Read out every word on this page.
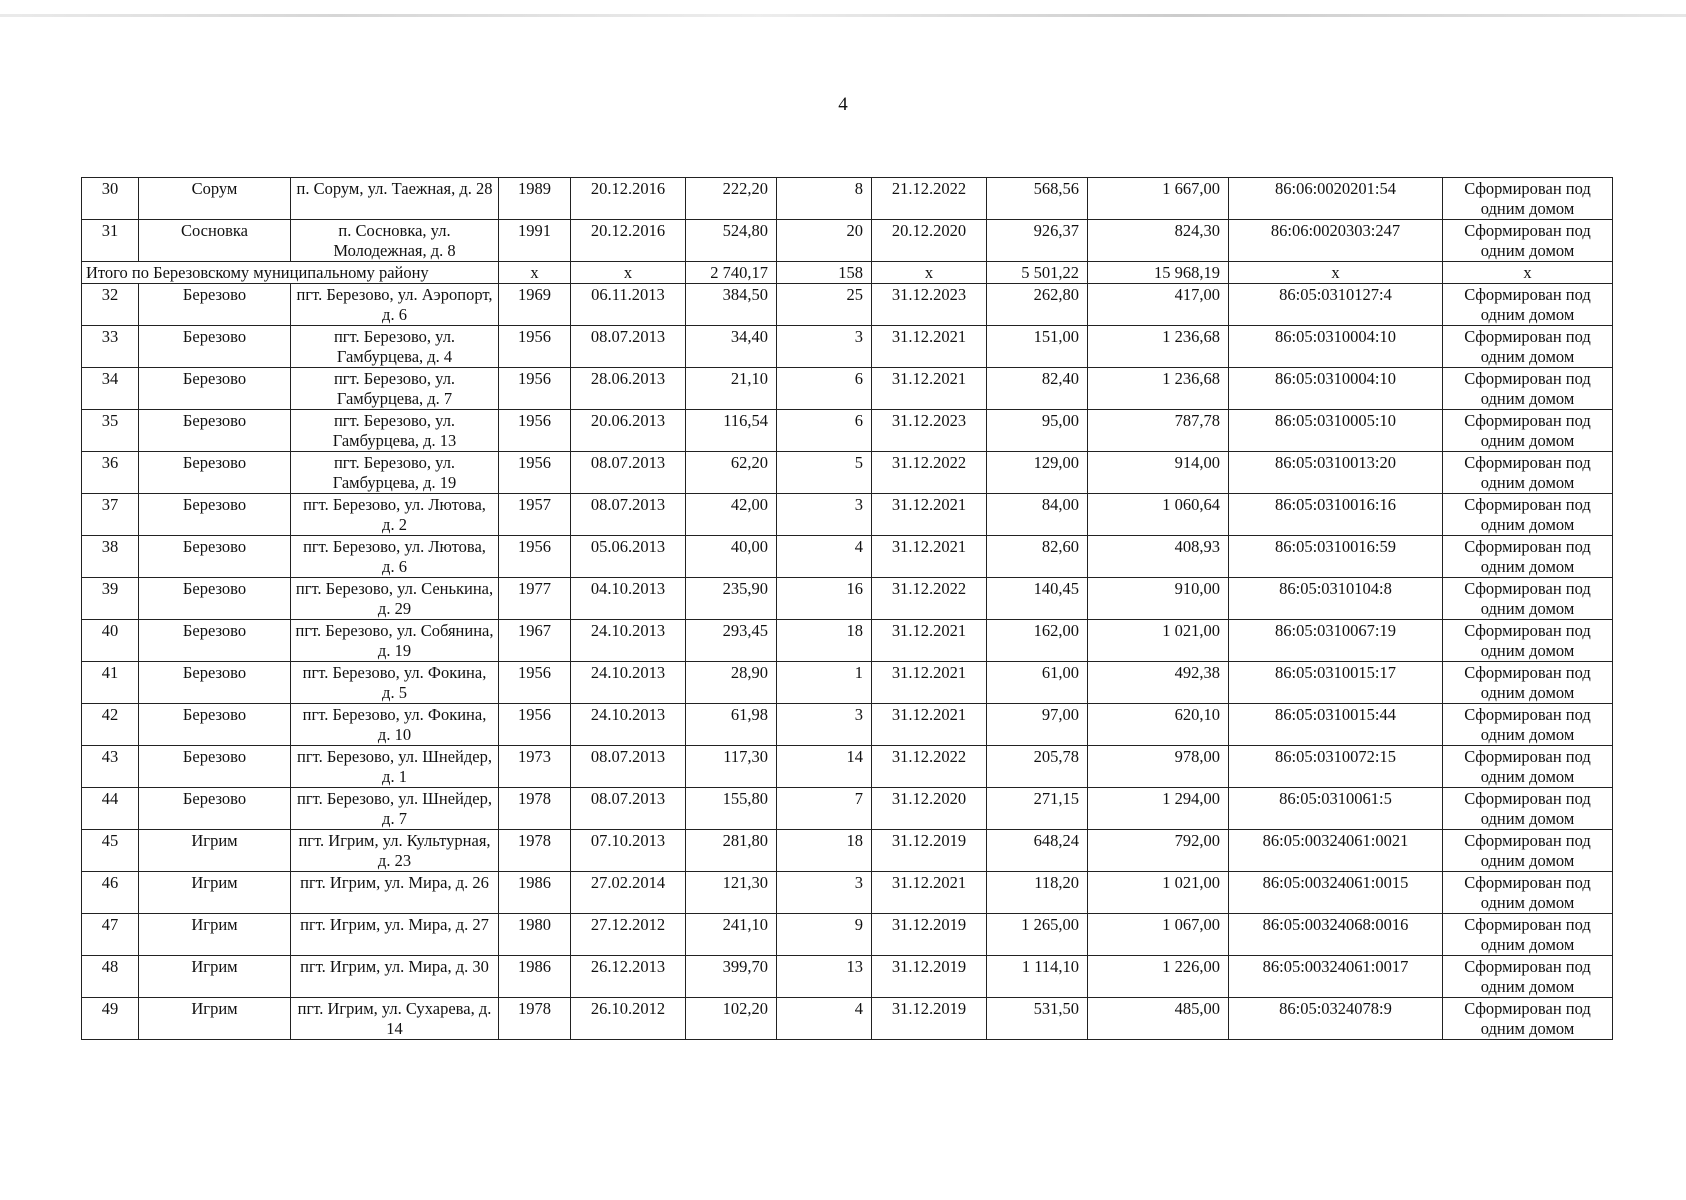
4
30	Сорум	п. Сорум, ул. Таежная, д. 28	1989	20.12.2016	222,20	8	21.12.2022	568,56	1 667,00	86:06:0020201:54	Сформирован под одним домом
31	Сосновка	п. Сосновка, ул. Молодежная, д. 8	1991	20.12.2016	524,80	20	20.12.2020	926,37	824,30	86:06:0020303:247	Сформирован под одним домом
Итого по Березовскому муниципальному району			х	х	2 740,17	158	х	5 501,22	15 968,19	х	х
32	Березово	пгт. Березово, ул. Аэропорт, д. 6	1969	06.11.2013	384,50	25	31.12.2023	262,80	417,00	86:05:0310127:4	Сформирован под одним домом
33	Березово	пгт. Березово, ул. Гамбурцева, д. 4	1956	08.07.2013	34,40	3	31.12.2021	151,00	1 236,68	86:05:0310004:10	Сформирован под одним домом
34	Березово	пгт. Березово, ул. Гамбурцева, д. 7	1956	28.06.2013	21,10	6	31.12.2021	82,40	1 236,68	86:05:0310004:10	Сформирован под одним домом
35	Березово	пгт. Березово, ул. Гамбурцева, д. 13	1956	20.06.2013	116,54	6	31.12.2023	95,00	787,78	86:05:0310005:10	Сформирован под одним домом
36	Березово	пгт. Березово, ул. Гамбурцева, д. 19	1956	08.07.2013	62,20	5	31.12.2022	129,00	914,00	86:05:0310013:20	Сформирован под одним домом
37	Березово	пгт. Березово, ул. Лютова, д. 2	1957	08.07.2013	42,00	3	31.12.2021	84,00	1 060,64	86:05:0310016:16	Сформирован под одним домом
38	Березово	пгт. Березово, ул. Лютова, д. 6	1956	05.06.2013	40,00	4	31.12.2021	82,60	408,93	86:05:0310016:59	Сформирован под одним домом
39	Березово	пгт. Березово, ул. Сенькина, д. 29	1977	04.10.2013	235,90	16	31.12.2022	140,45	910,00	86:05:0310104:8	Сформирован под одним домом
40	Березово	пгт. Березово, ул. Собянина, д. 19	1967	24.10.2013	293,45	18	31.12.2021	162,00	1 021,00	86:05:0310067:19	Сформирован под одним домом
41	Березово	пгт. Березово, ул. Фокина, д. 5	1956	24.10.2013	28,90	1	31.12.2021	61,00	492,38	86:05:0310015:17	Сформирован под одним домом
42	Березово	пгт. Березово, ул. Фокина, д. 10	1956	24.10.2013	61,98	3	31.12.2021	97,00	620,10	86:05:0310015:44	Сформирован под одним домом
43	Березово	пгт. Березово, ул. Шнейдер, д. 1	1973	08.07.2013	117,30	14	31.12.2022	205,78	978,00	86:05:0310072:15	Сформирован под одним домом
44	Березово	пгт. Березово, ул. Шнейдер, д. 7	1978	08.07.2013	155,80	7	31.12.2020	271,15	1 294,00	86:05:0310061:5	Сформирован под одним домом
45	Игрим	пгт. Игрим, ул. Культурная, д. 23	1978	07.10.2013	281,80	18	31.12.2019	648,24	792,00	86:05:00324061:0021	Сформирован под одним домом
46	Игрим	пгт. Игрим, ул. Мира, д. 26	1986	27.02.2014	121,30	3	31.12.2021	118,20	1 021,00	86:05:00324061:0015	Сформирован под одним домом
47	Игрим	пгт. Игрим, ул. Мира, д. 27	1980	27.12.2012	241,10	9	31.12.2019	1 265,00	1 067,00	86:05:00324068:0016	Сформирован под одним домом
48	Игрим	пгт. Игрим, ул. Мира, д. 30	1986	26.12.2013	399,70	13	31.12.2019	1 114,10	1 226,00	86:05:00324061:0017	Сформирован под одним домом
49	Игрим	пгт. Игрим, ул. Сухарева, д. 14	1978	26.10.2012	102,20	4	31.12.2019	531,50	485,00	86:05:0324078:9	Сформирован под одним домом
